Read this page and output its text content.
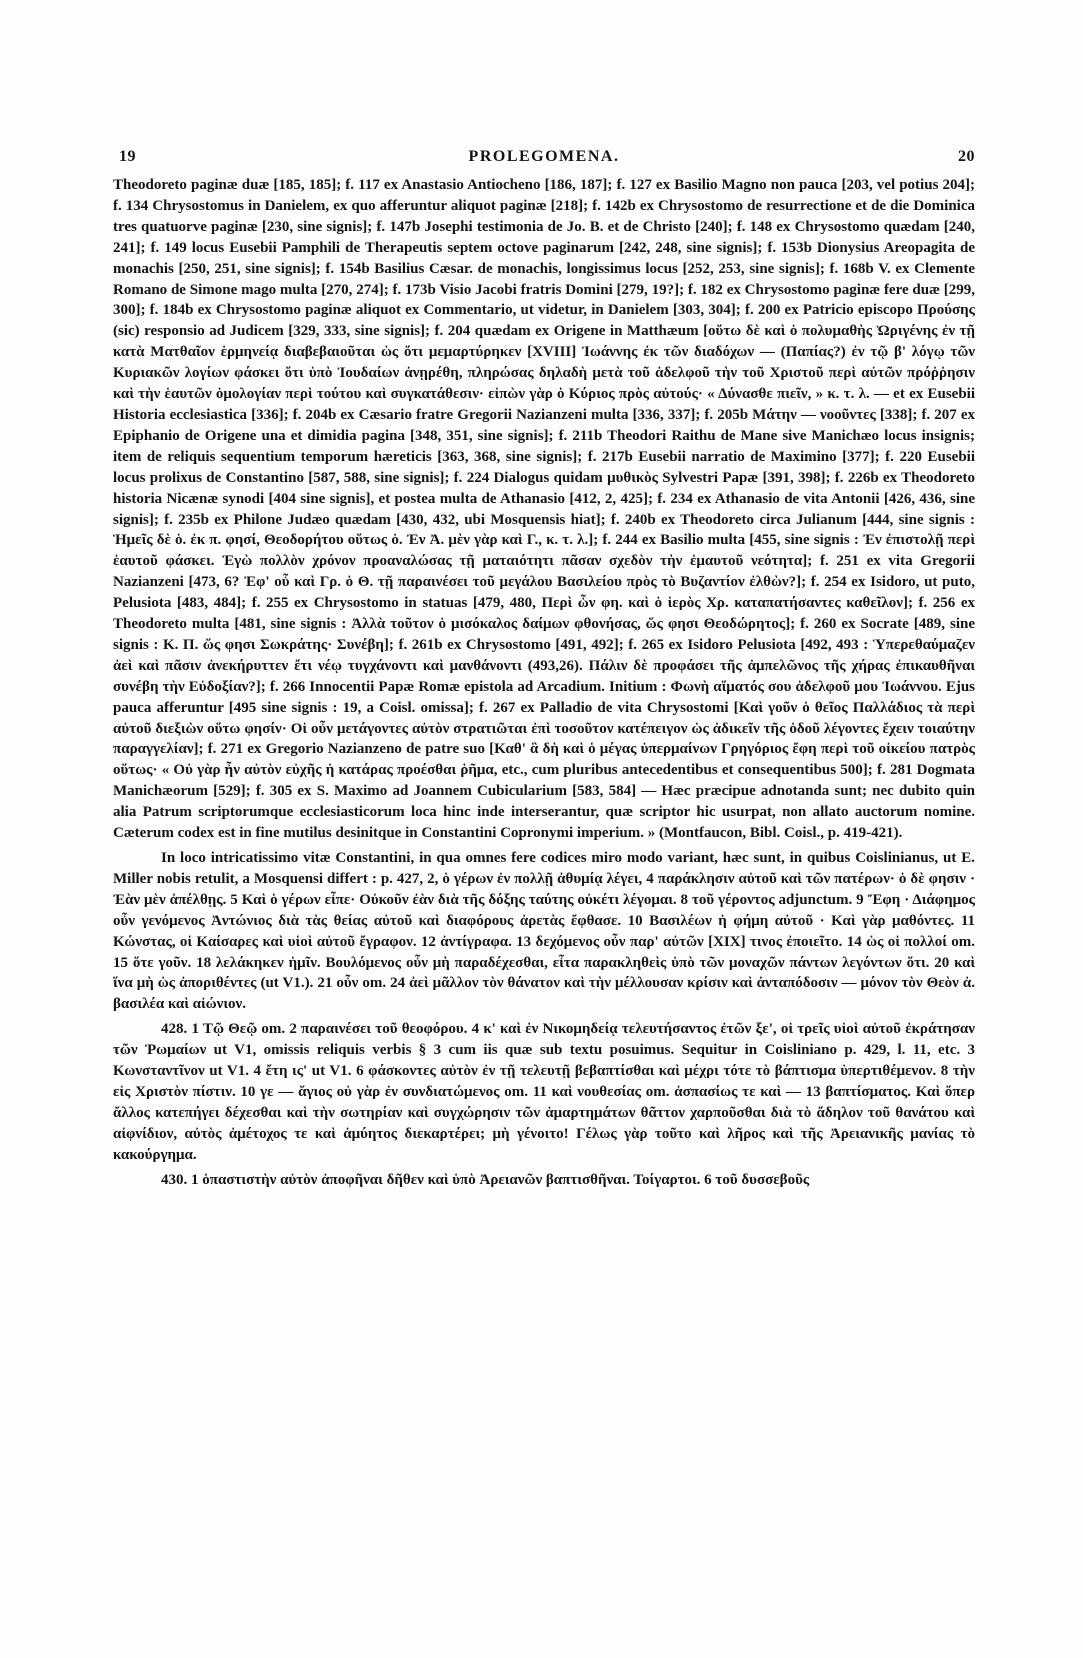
19	PROLEGOMENA.	20

Theodoreto paginæ duæ [185, 185]; f. 117 ex Anastasio Antiocheno [186, 187]; f. 127 ex Basilio Magno non pauca [203, vel potius 204]; f. 134 Chrysostomus in Danielem, ex quo afferuntur aliquot paginæ [218]; f. 142b ex Chrysostomo de resurrectione et de die Dominica tres quatuorve paginæ [230, sine signis]; f. 147b Josephi testimonia de Jo. B. et de Christo [240]; f. 148 ex Chrysostomo quædam [240, 241]; f. 149 locus Eusebii Pamphili de Therapeutis septem octove paginarum [242, 248, sine signis]; f. 153b Dionysius Areopagita de monachis [250, 251, sine signis]; f. 154b Basilius Cæsar. de monachis, longissimus locus [252, 253, sine signis]; f. 168b V. ex Clemente Romano de Simone mago multa [270, 274]; f. 173b Visio Jacobi fratris Domini [279, 19?]; f. 182 ex Chrysostomo paginæ fere duæ [299, 300]; f. 184b ex Chrysostomo paginæ aliquot ex Commentario, ut videtur, in Danielem [303, 304]; f. 200 ex Patricio episcopo Προύσης (sic) responsio ad Judicem [329, 333, sine signis]; f. 204 quædam ex Origene in Matthæum [οὕτω δὲ καὶ ὁ πολυμαθὴς Ὠριγένης ἐν τῇ κατὰ Ματθαῖον ἑρμηνείᾳ διαβεβαιοῦται ὡς ὅτι μεμαρτύρηκεν [XVIII] Ἰωάννης ἐκ τῶν διαδόχων — (Παπίας?) ἐν τῷ β' λόγῳ τῶν Κυριακῶν λογίων φάσκει ὅτι ὑπὸ Ἰουδαίων ἀνῃρέθη, πληρώσας δηλαδὴ μετὰ τοῦ ἀδελφοῦ τὴν τοῦ Χριστοῦ περὶ αὐτῶν πρόῤῥησιν καὶ τὴν ἑαυτῶν ὁμολογίαν περὶ τούτου καὶ συγκατάθεσιν· εἰπὼν γὰρ ὁ Κύριος πρὸς αὐτούς· « Δύνασθε πιεῖν, » κ. τ. λ. — et ex Eusebii Historia ecclesiastica [336]; f. 204b ex Cæsario fratre Gregorii Nazianzeni multa [336, 337]; f. 205b Μάτην — νοοῦντες [338]; f. 207 ex Epiphanio de Origene una et dimidia pagina [348, 351, sine signis]; f. 211b Theodori Raithu de Mane sive Manichæo locus insignis; item de reliquis sequentium temporum hæreticis [363, 368, sine signis]; f. 217b Eusebii narratio de Maximino [377]; f. 220 Eusebii locus prolixus de Constantino [587, 588, sine signis]; f. 224 Dialogus quidam μυθικὸς Sylvestri Papæ [391, 398]; f. 226b ex Theodoreto historia Nicænæ synodi [404 sine signis], et postea multa de Athanasio [412, 2, 425]; f. 234 ex Athanasio de vita Antonii [426, 436, sine signis]; f. 235b ex Philone Judæo quædam [430, 432, ubi Mosquensis hiat]; f. 240b ex Theodoreto circa Julianum [444, sine signis : Ἡμεῖς δὲ ὁ. ἐκ π. φησί, Θεοδορήτου οὕτως ὁ. Ἐν Ἀ. μὲν γὰρ καὶ Γ., κ. τ. λ.]; f. 244 ex Basilio multa [455, sine signis : Ἐν ἐπιστολῇ περὶ ἑαυτοῦ φάσκει. Ἐγὼ πολλὸν χρόνον προαναλώσας τῇ ματαιότητι πᾶσαν σχεδὸν τὴν ἐμαυτοῦ νεότητα]; f. 251 ex vita Gregorii Nazianzeni [473, 6? Ἐφ' οὗ καὶ Γρ. ὁ Θ. τῇ παραινέσει τοῦ μεγάλου Βασιλείου πρὸς τὸ Βυζαντίον ἐλθὼν?]; f. 254 ex Isidoro, ut puto, Pelusiota [483, 484]; f. 255 ex Chrysostomo in statuas [479, 480, Περὶ ὧν φη. καὶ ὁ ἱερὸς Χρ. καταπατήσαντες καθεῖλον]; f. 256 ex Theodoreto multa [481, sine signis : Ἀλλὰ τοῦτον ὁ μισόκαλος δαίμων φθονήσας, ὥς φησι Θεοδώρητος]; f. 260 ex Socrate [489, sine signis : Κ. Π. ὥς φησι Σωκράτης· Συνέβη]; f. 261b ex Chrysostomo [491, 492]; f. 265 ex Isidoro Pelusiota [492, 493 : Ὑπερεθαύμαζεν ἀεὶ καὶ πᾶσιν ἀνεκήρυττεν ἔτι νέῳ τυγχάνοντι καὶ μανθάνοντι (493,26). Πάλιν δὲ προφάσει τῆς ἀμπελῶνος τῆς χήρας ἐπικαυθῆναι συνέβη τὴν Εὐδοξίαν?]; f. 266 Innocentii Papæ Romæ epistola ad Arcadium. Initium : Φωνὴ αἵματός σου ἀδελφοῦ μου Ἰωάννου. Ejus pauca afferuntur [495 sine signis : 19, a Coisl. omissa]; f. 267 ex Palladio de vita Chrysostomi [Καὶ γοῦν ὁ θεῖος Παλλάδιος τὰ περὶ αὐτοῦ διεξιὼν οὕτω φησίν· Οἱ οὖν μετάγοντες αὐτὸν στρατιῶται ἐπὶ τοσοῦτον κατέπειγον ὡς ἀδικεῖν τῆς ὁδοῦ λέγοντες ἔχειν τοιαύτην παραγγελίαν]; f. 271 ex Gregorio Nazianzeno de patre suo [Καθ' ἃ δὴ καὶ ὁ μέγας ὑπερμαίνων Γρηγόριος ἔφη περὶ τοῦ οἰκείου πατρὸς οὕτως· « Οὐ γὰρ ἦν αὐτὸν εὐχῆς ἡ κατάρας προέσθαι ῥῆμα, etc., cum pluribus antecedentibus et consequentibus 500]; f. 281 Dogmata Manichæorum [529]; f. 305 ex S. Maximo ad Joannem Cubicularium [583, 584] — Hæc præcipue adnotanda sunt; nec dubito quin alia Patrum scriptorumque ecclesiasticorum loca hinc inde interserantur, quæ scriptor hic usurpat, non allato auctorum nomine. Cæterum codex est in fine mutilus desinitque in Constantini Copronymi imperium. » (Montfaucon, Bibl. Coisl., p. 419-421).

In loco intricatissimo vitæ Constantini, in qua omnes fere codices miro modo variant, hæc sunt, in quibus Coislinianus, ut E. Miller nobis retulit, a Mosquensi differt : p. 427, 2, ὁ γέρων ἐν πολλῇ ἀθυμίᾳ λέγει, 4 παράκλησιν αὐτοῦ καὶ τῶν πατέρων· ὁ δὲ φησιν · Ἐὰν μὲν ἀπέλθῃς. 5 Καὶ ὁ γέρων εἶπε· Οὐκοῦν ἐὰν διὰ τῆς δόξης ταύτης οὐκέτι λέγομαι. 8 τοῦ γέροντος adjunctum. 9 Ἔφη · Διάφημος οὖν γενόμενος Ἀντώνιος διὰ τὰς θείας αὐτοῦ καὶ διαφόρους ἀρετὰς ἔφθασε. 10 Βασιλέων ἡ φήμη αὐτοῦ · Καὶ γὰρ μαθόντες. 11 Κώνστας, οἱ Καίσαρες καὶ υἱοὶ αὐτοῦ ἔγραφον. 12 ἀντίγραφα. 13 δεχόμενος οὖν παρ' αὐτῶν [XIX] τινος ἐποιεῖτο. 14 ὡς οἱ πολλοί om. 15 ὅτε γοῦν. 18 λελάκηκεν ἡμῖν. Βουλόμενος οὖν μὴ παραδέχεσθαι, εἶτα παρακληθεὶς ὑπὸ τῶν μοναχῶν πάντων λεγόντων ὅτι. 20 καὶ ἵνα μὴ ὡς ἀποριθέντες (ut V1.). 21 οὖν om. 24 ἀεὶ μᾶλλον τὸν θάνατον καὶ τὴν μέλλουσαν κρίσιν καὶ ἀνταπόδοσιν — μόνον τὸν Θεὸν ἀ. βασιλέα καὶ αἰώνιον.

428. 1 Τῷ Θεῷ om. 2 παραινέσει τοῦ θεοφόρου. 4 κ' καὶ ἐν Νικομηδείᾳ τελευτήσαντος ἐτῶν ξε', οἱ τρεῖς υἱοὶ αὐτοῦ ἐκράτησαν τῶν Ῥωμαίων ut V1, omissis reliquis verbis § 3 cum iis quæ sub textu posuimus. Sequitur in Coisliniano p. 429, l. 11, etc. 3 Κωνσταντῖνον ut V1. 4 ἔτη ις' ut V1. 6 φάσκοντες αὐτὸν ἐν τῇ τελευτῇ βεβαπτίσθαι καὶ μέχρι τότε τὸ βάπτισμα ὑπερτιθέμενον. 8 τὴν εἰς Χριστὸν πίστιν. 10 γε — ἅγιος οὐ γὰρ ἐν συνδιατώμενος om. 11 καὶ νουθεσίας om. ἀσπασίως τε καὶ — 13 βαπτίσματος. Καὶ ὅπερ ἄλλος κατεπήγει δέχεσθαι καὶ τὴν σωτηρίαν καὶ συγχώρησιν τῶν ἁμαρτημάτων θᾶττον χαρποῦσθαι διὰ τὸ ἄδηλον τοῦ θανάτου καὶ αἰφνίδιον, αὐτὸς ἀμέτοχος τε καὶ ἀμύητος διεκαρτέρει; μὴ γένοιτο! Γέλως γὰρ τοῦτο καὶ λῆρος καὶ τῆς Ἀρειανικῆς μανίας τὸ κακούργημα.

430. 1 ὁπαστιστὴν αὐτὸν ἀποφῆναι δῆθεν καὶ ὑπὸ Ἀρειανῶν βαπτισθῆναι. Τοίγαρτοι. 6 τοῦ δυσσεβοῦς
